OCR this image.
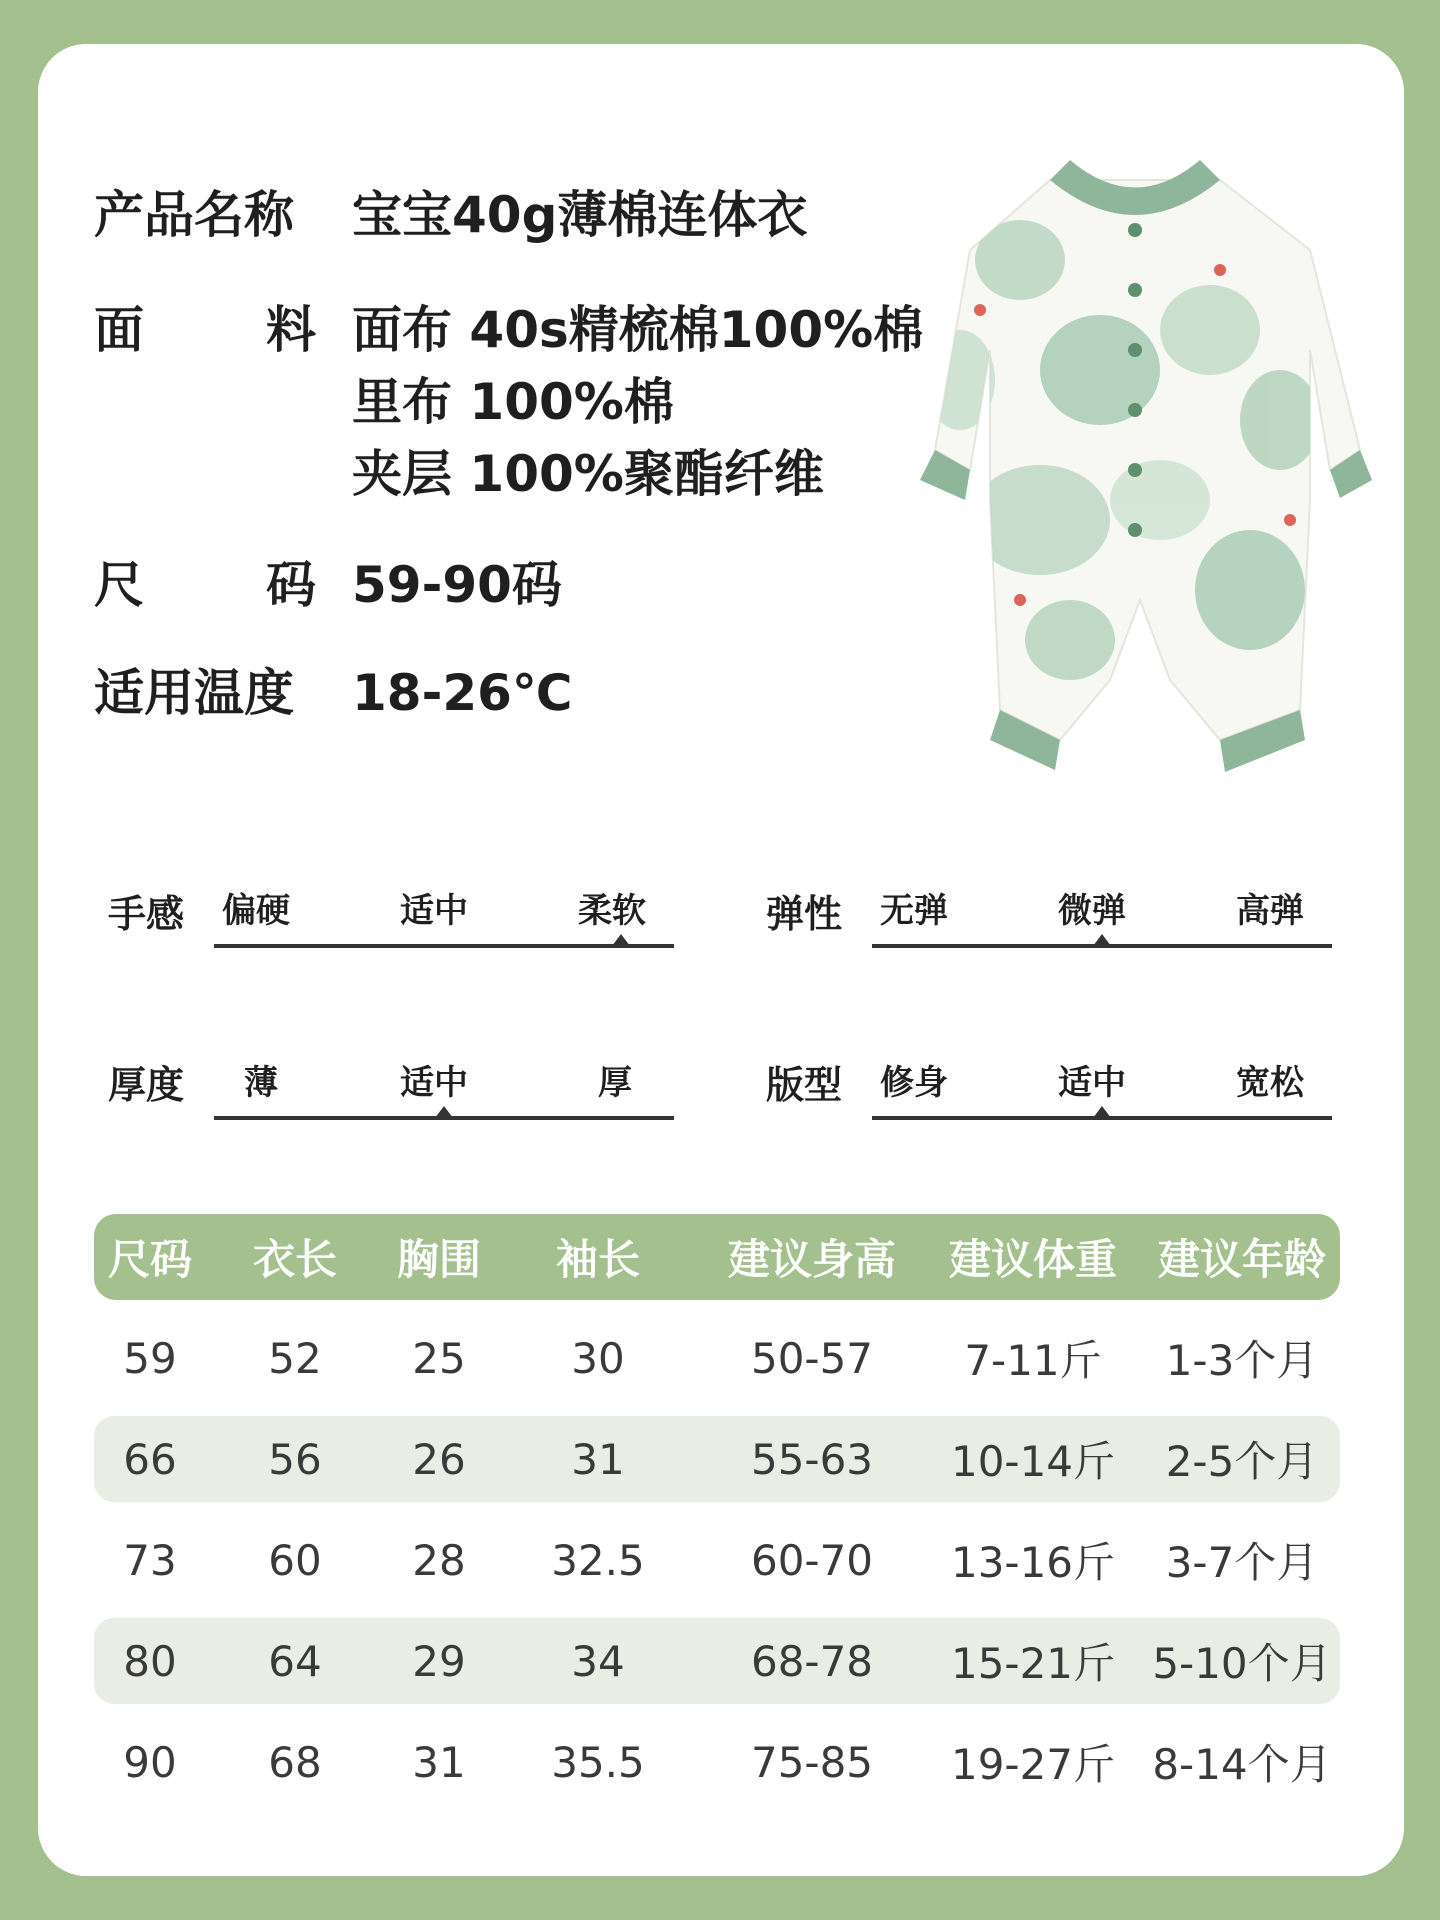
产品名称 宝宝40g薄棉连体衣
面 料 面布 40s精梳棉100%棉
里布 100%棉
夹层 100%聚酯纤维
尺 码 59-90码
适用温度 18-26℃
手感 偏硬	适中	柔软	弹性 无弹	微弹	高弹
厚度 薄	适中	厚	版型 修身	适中	宽松
尺码	衣长	胸围	袖长	建议身高	建议体重 建议年龄
59	52	25	30	50-57	7-11斤	1-3个月
66	56	26	31	55-63	10-14斤	2-5个月
73	60	28	32.5	60-70	13-16斤	3-7个月
80	64	29	34	68-78	15-21斤 5-10个月
90	68	31	35.5	75-85	19-27斤 8-14个月
